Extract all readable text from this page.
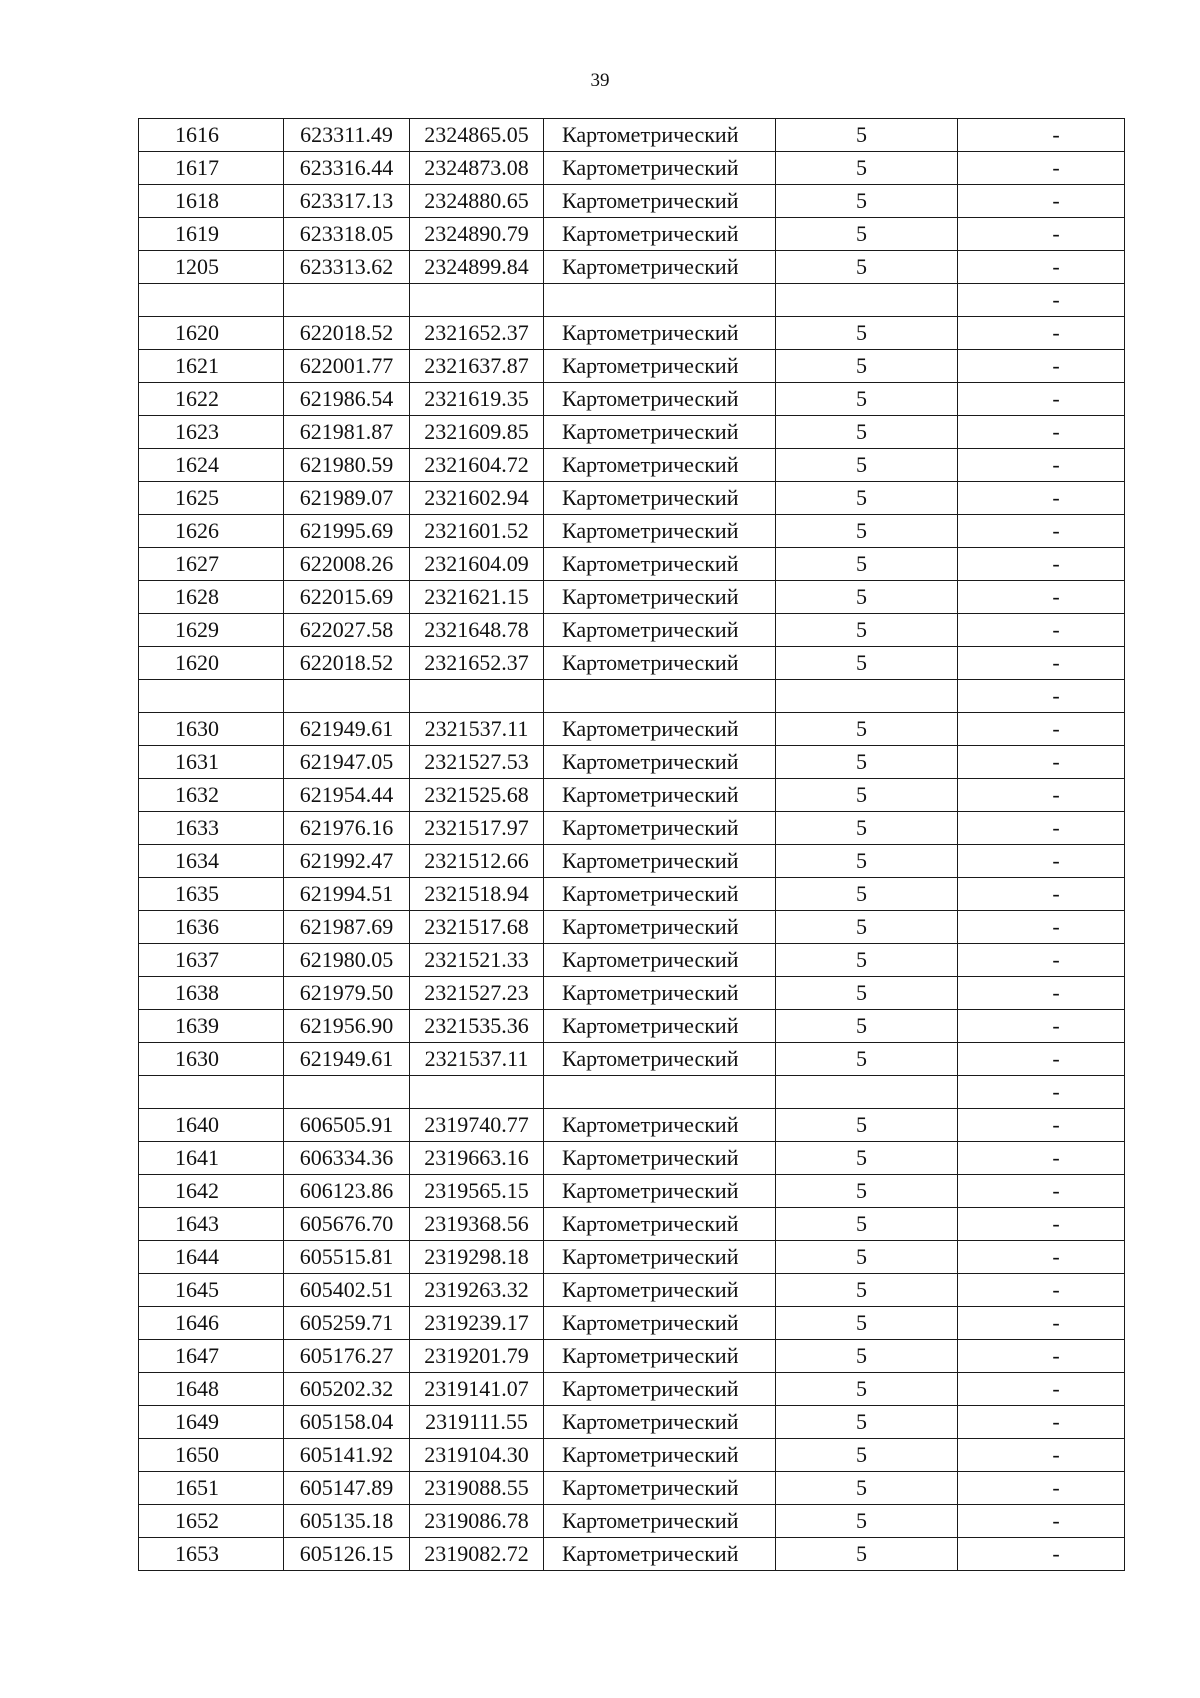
39
1616	623311.49	2324865.05	Картометрический	5	-
1617	623316.44	2324873.08	Картометрический	5	-
1618	623317.13	2324880.65	Картометрический	5	-
1619	623318.05	2324890.79	Картометрический	5	-
1205	623313.62	2324899.84	Картометрический	5	-
					-
1620	622018.52	2321652.37	Картометрический	5	-
1621	622001.77	2321637.87	Картометрический	5	-
1622	621986.54	2321619.35	Картометрический	5	-
1623	621981.87	2321609.85	Картометрический	5	-
1624	621980.59	2321604.72	Картометрический	5	-
1625	621989.07	2321602.94	Картометрический	5	-
1626	621995.69	2321601.52	Картометрический	5	-
1627	622008.26	2321604.09	Картометрический	5	-
1628	622015.69	2321621.15	Картометрический	5	-
1629	622027.58	2321648.78	Картометрический	5	-
1620	622018.52	2321652.37	Картометрический	5	-
					-
1630	621949.61	2321537.11	Картометрический	5	-
1631	621947.05	2321527.53	Картометрический	5	-
1632	621954.44	2321525.68	Картометрический	5	-
1633	621976.16	2321517.97	Картометрический	5	-
1634	621992.47	2321512.66	Картометрический	5	-
1635	621994.51	2321518.94	Картометрический	5	-
1636	621987.69	2321517.68	Картометрический	5	-
1637	621980.05	2321521.33	Картометрический	5	-
1638	621979.50	2321527.23	Картометрический	5	-
1639	621956.90	2321535.36	Картометрический	5	-
1630	621949.61	2321537.11	Картометрический	5	-
					-
1640	606505.91	2319740.77	Картометрический	5	-
1641	606334.36	2319663.16	Картометрический	5	-
1642	606123.86	2319565.15	Картометрический	5	-
1643	605676.70	2319368.56	Картометрический	5	-
1644	605515.81	2319298.18	Картометрический	5	-
1645	605402.51	2319263.32	Картометрический	5	-
1646	605259.71	2319239.17	Картометрический	5	-
1647	605176.27	2319201.79	Картометрический	5	-
1648	605202.32	2319141.07	Картометрический	5	-
1649	605158.04	2319111.55	Картометрический	5	-
1650	605141.92	2319104.30	Картометрический	5	-
1651	605147.89	2319088.55	Картометрический	5	-
1652	605135.18	2319086.78	Картометрический	5	-
1653	605126.15	2319082.72	Картометрический	5	-
